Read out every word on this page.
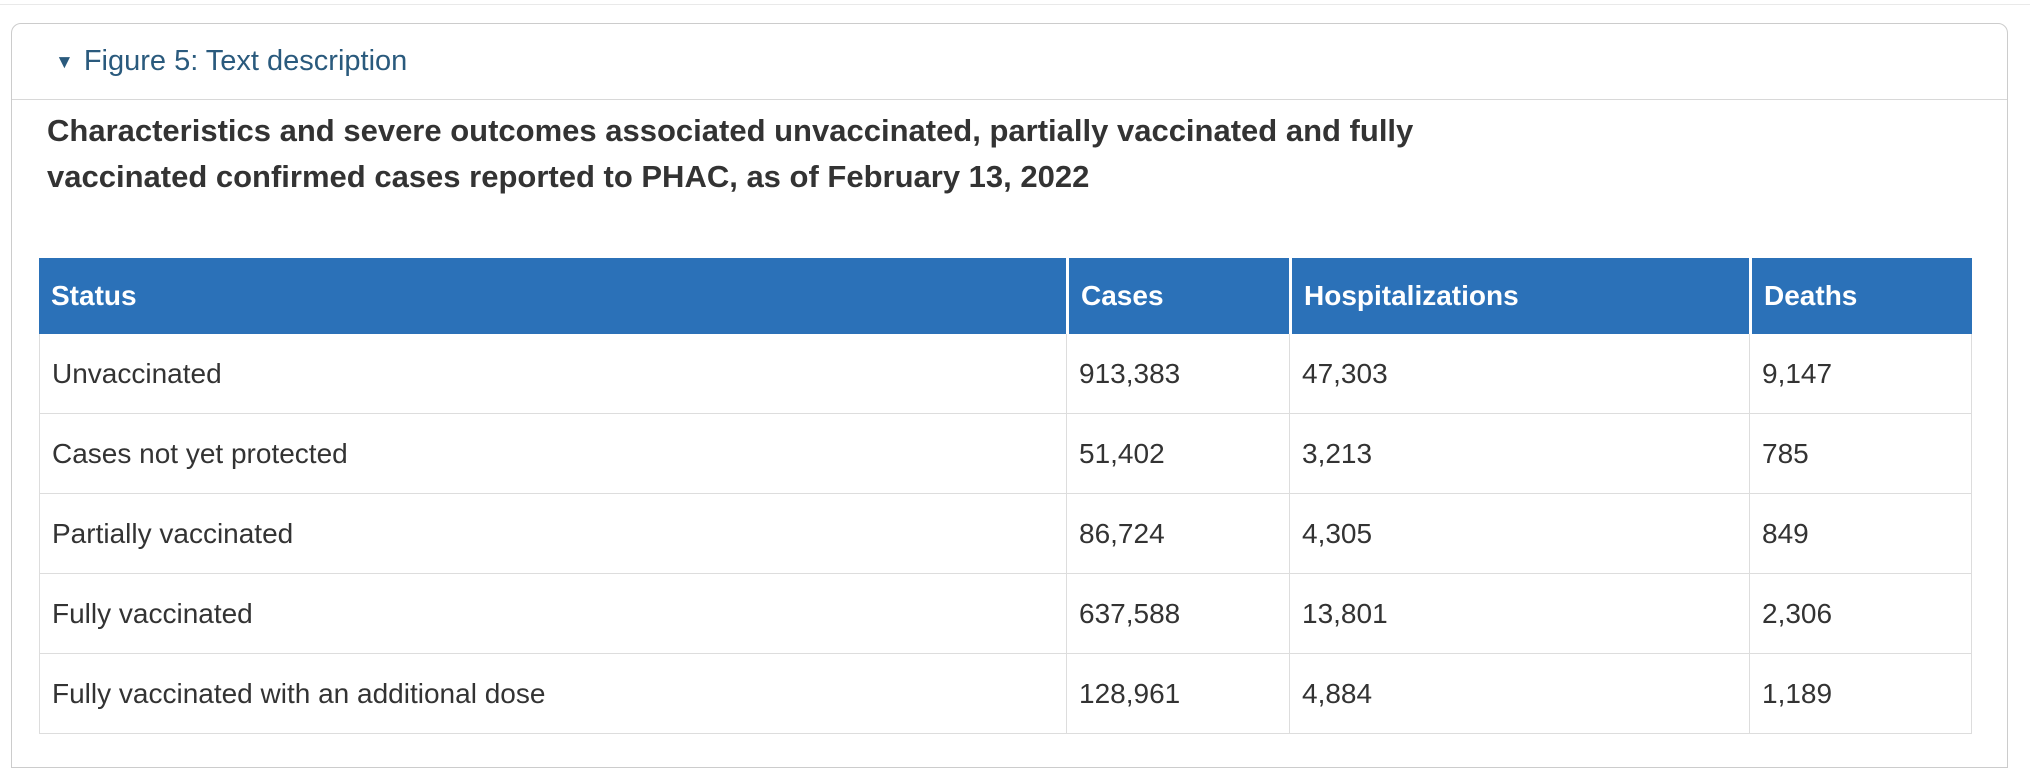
▼ Figure 5: Text description
Characteristics and severe outcomes associated unvaccinated, partially vaccinated and fully
vaccinated confirmed cases reported to PHAC, as of February 13, 2022
Status	Cases	Hospitalizations	Deaths
Unvaccinated	913,383	47,303	9,147
Cases not yet protected	51,402	3,213	785
Partially vaccinated	86,724	4,305	849
Fully vaccinated	637,588	13,801	2,306
Fully vaccinated with an additional dose	128,961	4,884	1,189
